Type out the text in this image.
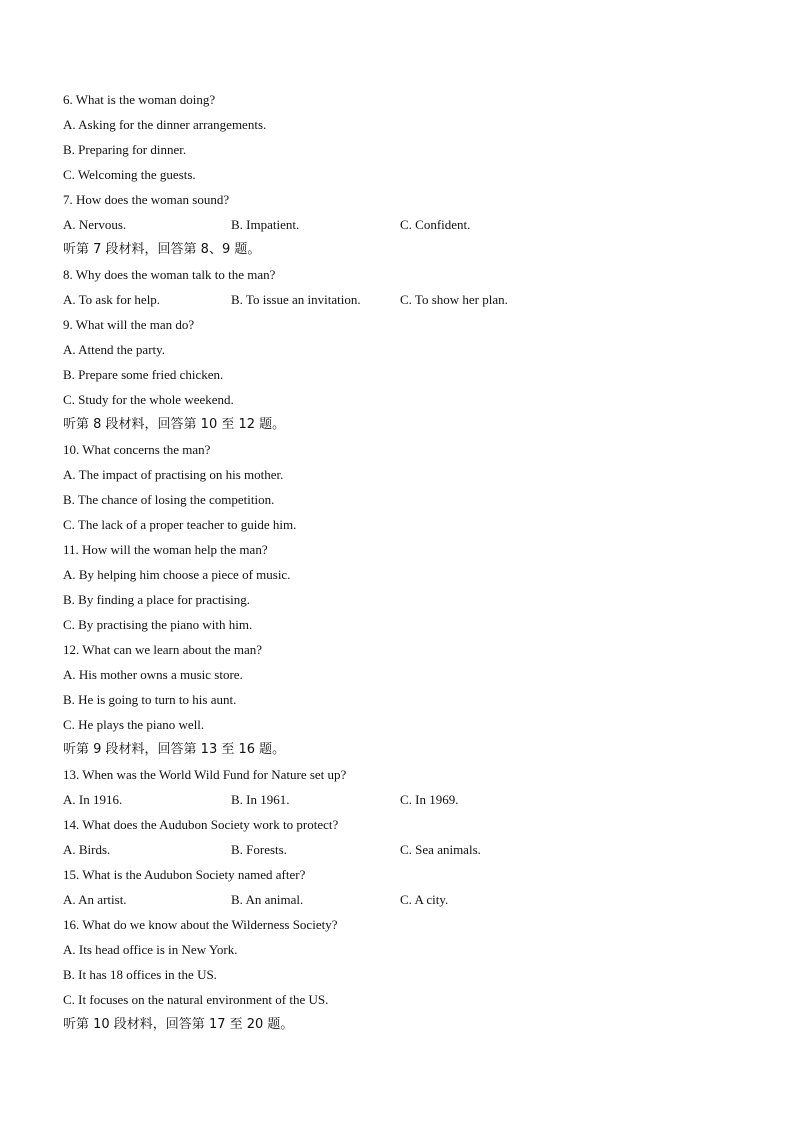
6. What is the woman doing?
A. Asking for the dinner arrangements.
B. Preparing for dinner.
C. Welcoming the guests.
7. How does the woman sound?
A. Nervous.	B. Impatient.	C. Confident.
听第 7 段材料，回答第 8、9 题。
8. Why does the woman talk to the man?
A. To ask for help.	B. To issue an invitation.	C. To show her plan.
9. What will the man do?
A. Attend the party.
B. Prepare some fried chicken.
C. Study for the whole weekend.
听第 8 段材料，回答第 10 至 12 题。
10. What concerns the man?
A. The impact of practising on his mother.
B. The chance of losing the competition.
C. The lack of a proper teacher to guide him.
11. How will the woman help the man?
A. By helping him choose a piece of music.
B. By finding a place for practising.
C. By practising the piano with him.
12. What can we learn about the man?
A. His mother owns a music store.
B. He is going to turn to his aunt.
C. He plays the piano well.
听第 9 段材料，回答第 13 至 16 题。
13. When was the World Wild Fund for Nature set up?
A. In 1916.	B. In 1961.	C. In 1969.
14. What does the Audubon Society work to protect?
A. Birds.	B. Forests.	C. Sea animals.
15. What is the Audubon Society named after?
A. An artist.	B. An animal.	C. A city.
16. What do we know about the Wilderness Society?
A. Its head office is in New York.
B. It has 18 offices in the US.
C. It focuses on the natural environment of the US.
听第 10 段材料，回答第 17 至 20 题。
